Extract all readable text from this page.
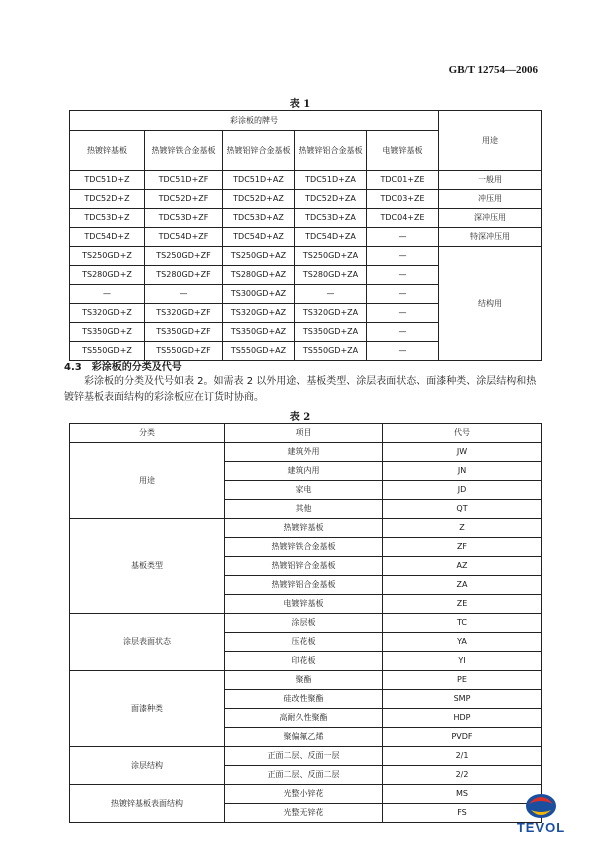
GB/T 12754—2006
表 1
彩涂板的牌号					用途
热镀锌基板	热镀锌铁合金基板	热镀铝锌合金基板	热镀锌铝合金基板	电镀锌基板	
TDC51D+Z	TDC51D+ZF	TDC51D+AZ	TDC51D+ZA	TDC01+ZE	一般用
TDC52D+Z	TDC52D+ZF	TDC52D+AZ	TDC52D+ZA	TDC03+ZE	冲压用
TDC53D+Z	TDC53D+ZF	TDC53D+AZ	TDC53D+ZA	TDC04+ZE	深冲压用
TDC54D+Z	TDC54D+ZF	TDC54D+AZ	TDC54D+ZA	—	特深冲压用
TS250GD+Z	TS250GD+ZF	TS250GD+AZ	TS250GD+ZA	—	结构用
TS280GD+Z	TS280GD+ZF	TS280GD+AZ	TS280GD+ZA	—	
—	—	TS300GD+AZ	—	—	
TS320GD+Z	TS320GD+ZF	TS320GD+AZ	TS320GD+ZA	—	
TS350GD+Z	TS350GD+ZF	TS350GD+AZ	TS350GD+ZA	—	
TS550GD+Z	TS550GD+ZF	TS550GD+AZ	TS550GD+ZA	—	
4.3　彩涂板的分类及代号
彩涂板的分类及代号如表 2。如需表 2 以外用途、基板类型、涂层表面状态、面漆种类、涂层结构和热镀锌基板表面结构的彩涂板应在订货时协商。
表 2
分类	项目	代号
用途	建筑外用	JW
	建筑内用	JN
	家电	JD
	其他	QT
基板类型	热镀锌基板	Z
	热镀锌铁合金基板	ZF
	热镀铝锌合金基板	AZ
	热镀锌铝合金基板	ZA
	电镀锌基板	ZE
涂层表面状态	涂层板	TC
	压花板	YA
	印花板	YI
面漆种类	聚酯	PE
	硅改性聚酯	SMP
	高耐久性聚酯	HDP
	聚偏氟乙烯	PVDF
涂层结构	正面二层、反面一层	2/1
	正面二层、反面二层	2/2
热镀锌基板表面结构	光整小锌花	MS
	光整无锌花	FS
TEVOL
